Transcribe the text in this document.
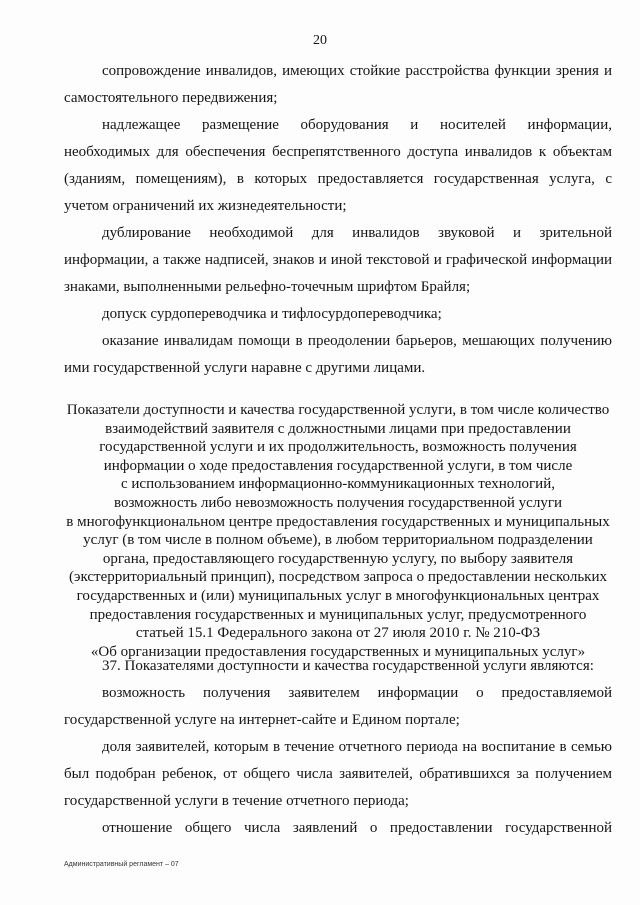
20

сопровождение инвалидов, имеющих стойкие расстройства функции зрения и самостоятельного передвижения;

надлежащее размещение оборудования и носителей информации, необходимых для обеспечения беспрепятственного доступа инвалидов к объектам (зданиям, помещениям), в которых предоставляется государственная услуга, с учетом ограничений их жизнедеятельности;

дублирование необходимой для инвалидов звуковой и зрительной информации, а также надписей, знаков и иной текстовой и графической информации знаками, выполненными рельефно-точечным шрифтом Брайля;

допуск сурдопереводчика и тифлосурдопереводчика;

оказание инвалидам помощи в преодолении барьеров, мешающих получению ими государственной услуги наравне с другими лицами.

Показатели доступности и качества государственной услуги, в том числе количество
взаимодействий заявителя с должностными лицами при предоставлении
государственной услуги и их продолжительность, возможность получения
информации о ходе предоставления государственной услуги, в том числе
с использованием информационно-коммуникационных технологий,
возможность либо невозможность получения государственной услуги
в многофункциональном центре предоставления государственных и муниципальных
услуг (в том числе в полном объеме), в любом территориальном подразделении
органа, предоставляющего государственную услугу, по выбору заявителя
(экстерриториальный принцип), посредством запроса о предоставлении нескольких
государственных и (или) муниципальных услуг в многофункциональных центрах
предоставления государственных и муниципальных услуг, предусмотренного
статьей 15.1 Федерального закона от 27 июля 2010 г. № 210-ФЗ
«Об организации предоставления государственных и муниципальных услуг»

37. Показателями доступности и качества государственной услуги являются:

возможность получения заявителем информации о предоставляемой государственной услуге на интернет-сайте и Едином портале;

доля заявителей, которым в течение отчетного периода на воспитание в семью был подобран ребенок, от общего числа заявителей, обратившихся за получением государственной услуги в течение отчетного периода;

отношение общего числа заявлений о предоставлении государственной

Административный регламент – 07
